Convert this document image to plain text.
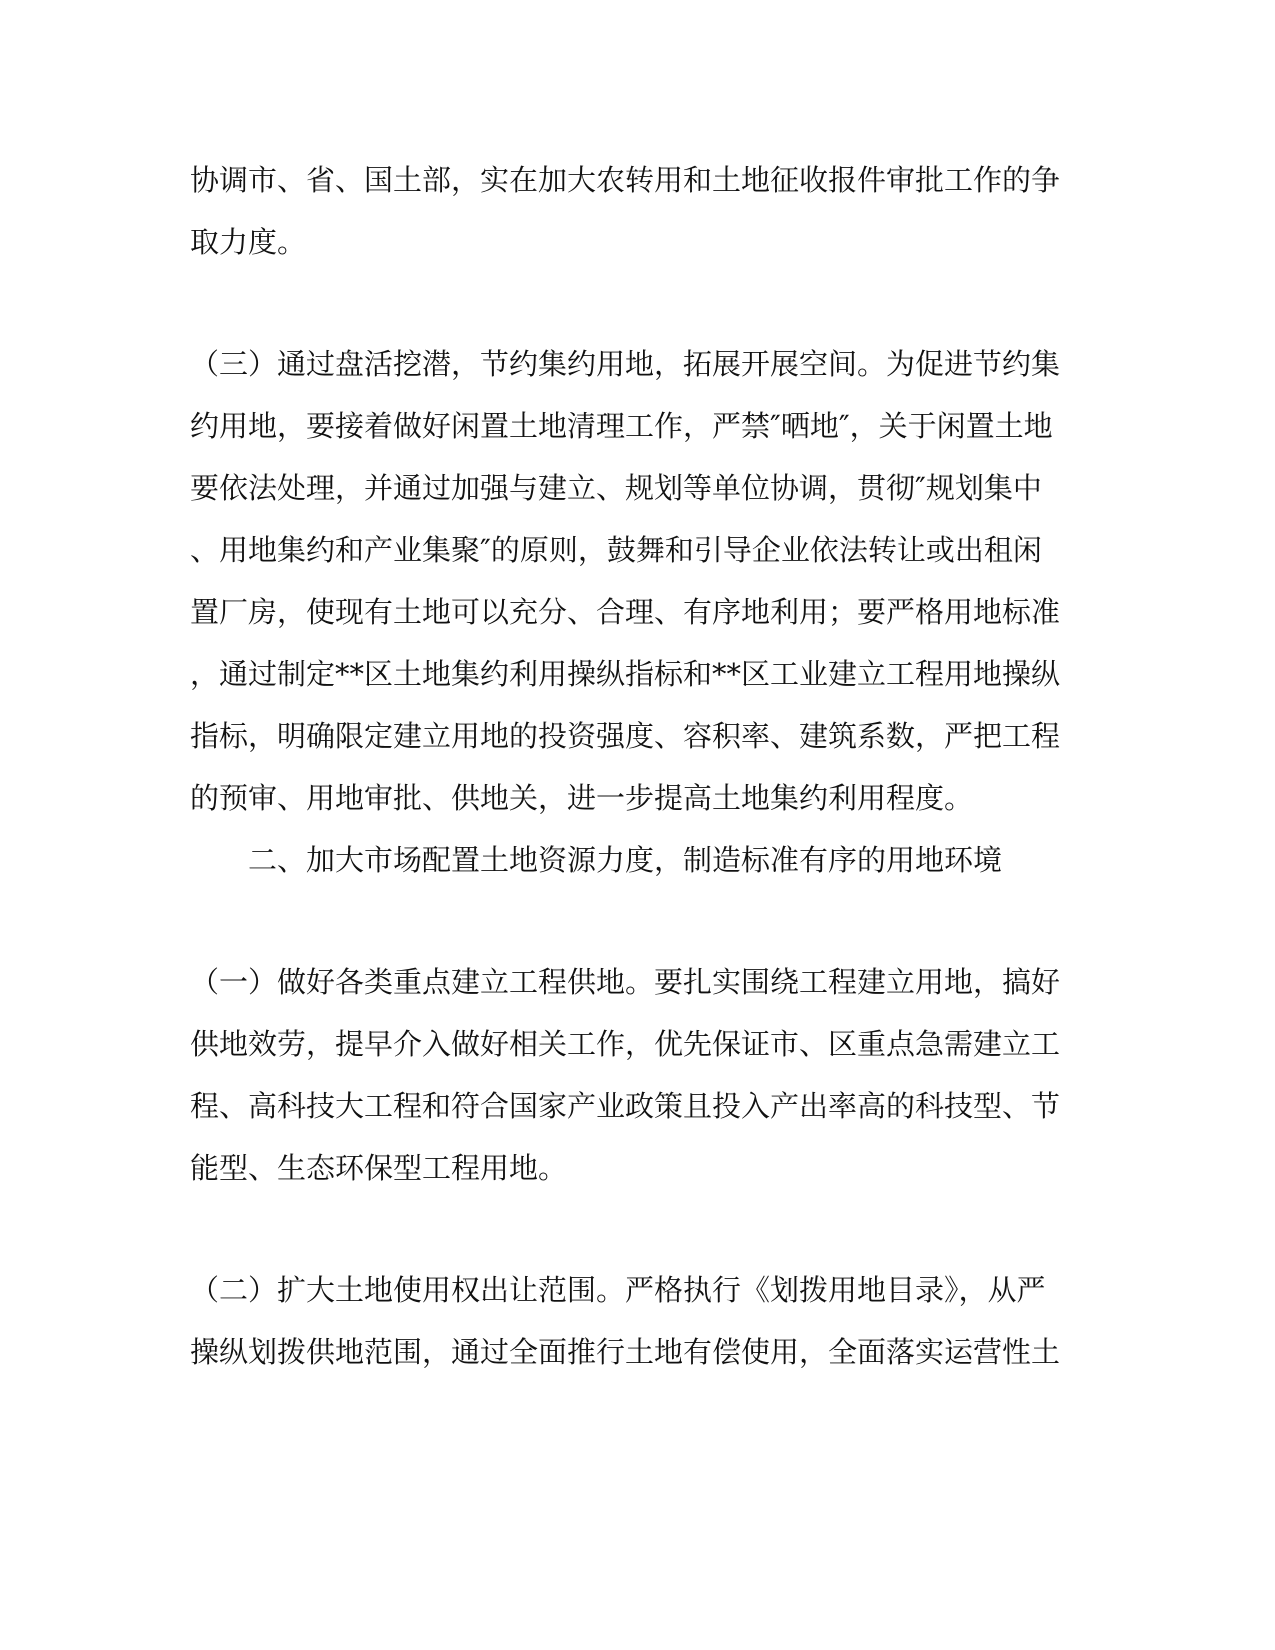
协调市、省、国土部，实在加大农转用和土地征收报件审批工作的争
取力度。
（三）通过盘活挖潜，节约集约用地，拓展开展空间。为促进节约集
约用地，要接着做好闲置土地清理工作，严禁″晒地″，关于闲置土地
要依法处理，并通过加强与建立、规划等单位协调，贯彻″规划集中
、用地集约和产业集聚″的原则，鼓舞和引导企业依法转让或出租闲
置厂房，使现有土地可以充分、合理、有序地利用；要严格用地标准
，通过制定**区土地集约利用操纵指标和**区工业建立工程用地操纵
指标，明确限定建立用地的投资强度、容积率、建筑系数，严把工程
的预审、用地审批、供地关，进一步提高土地集约利用程度。
二、加大市场配置土地资源力度，制造标准有序的用地环境
（一）做好各类重点建立工程供地。要扎实围绕工程建立用地，搞好
供地效劳，提早介入做好相关工作，优先保证市、区重点急需建立工
程、高科技大工程和符合国家产业政策且投入产出率高的科技型、节
能型、生态环保型工程用地。
（二）扩大土地使用权出让范围。严格执行《划拨用地目录》，从严
操纵划拨供地范围，通过全面推行土地有偿使用，全面落实运营性土
